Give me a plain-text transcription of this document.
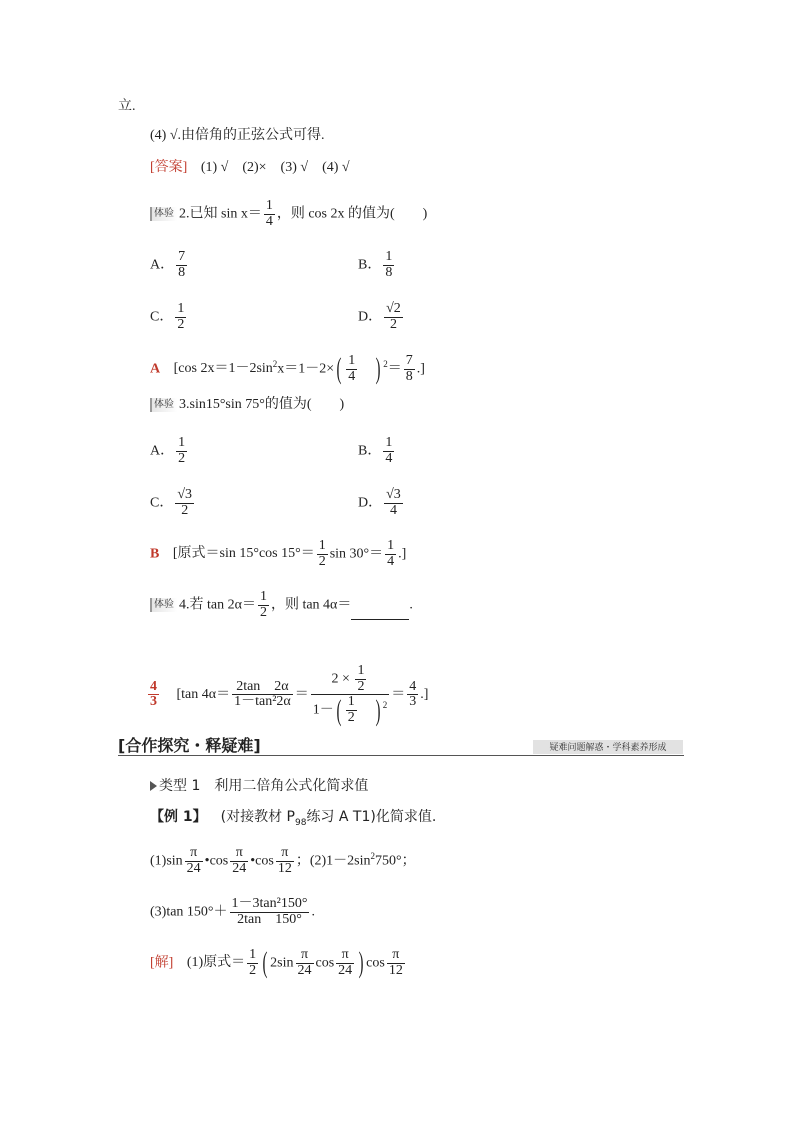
立.
(4) √.由倍角的正弦公式可得.
[答案] (1) √　(2)×　(3) √　(4) √
体验 2.已知 $\sin x= \frac{1}{4}$ ，则 cos 2x 的值为(　　)
A． $\frac{7}{8}$	B． $\frac{1}{8}$
C． $\frac{1}{2}$	D． $\frac{√2}{2}$
A [cos $2x=1-2\sin^2x=1-2\times( \frac{1}{4}$ ) $^2= \frac{7}{8}$ .]
体验 3.sin15°sin 75°的值为(　　)
A． $\frac{1}{2}$	B． $\frac{1}{4}$
C． $\frac{√3}{2}$	D． $\frac{√3}{4}$
B [原式＝sin 15°cos $15^\circ= \frac{1}{2}$ $\sin 30^\circ= \frac{1}{4}$ .]
体验 4.若 $\tan 2\alpha= \frac{1}{2}$ ，则 tan 4α＝	.
$\frac{4}{3} [\tan$ $4\alpha= \frac{2\tan 2\alpha}{\text{1－tan²2α}} = \frac{2 \times \frac{1}{2}}{1-( \frac{1}{2} ) ^2} = \frac{4}{3}$ .]
[合作探究・释疑难]	疑难问题解惑・学科素养形成
类型 1 利用二倍角公式化简求值
【例 1】 (对接教材 $P_{98}$练习 A T1)化简求值.
$(1)\sin \frac{\pi}{24}$ •cos $\frac{\pi}{24}$ •cos $\frac{\pi}{12}$ ；$(2)1-2\sin^2750^\circ$；
(3)tan $150^\circ+ \frac{\text{1－3tan²150°}}{2\tan 150^\circ}$ .
[解] (1)原式＝ $\frac{1}{2}$ ( $2\sin \frac{\pi}{24}$ $\cos \frac{\pi}{24}$ ) $\cos \frac{\pi}{12}$
